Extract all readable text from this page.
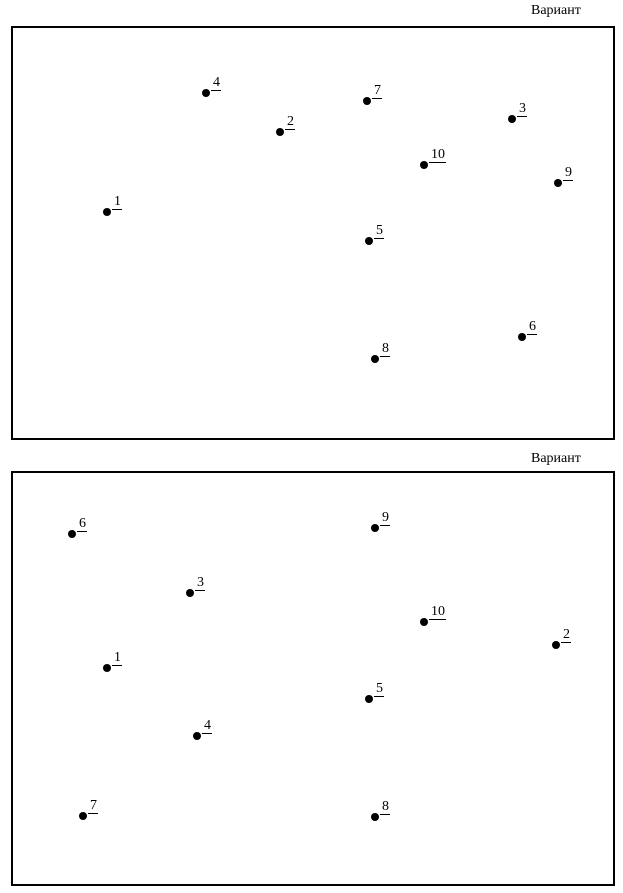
Вариант
1
2
3
4
5
6
7
8
9
10
Вариант
1
2
3
4
5
6
7	8
9
10
